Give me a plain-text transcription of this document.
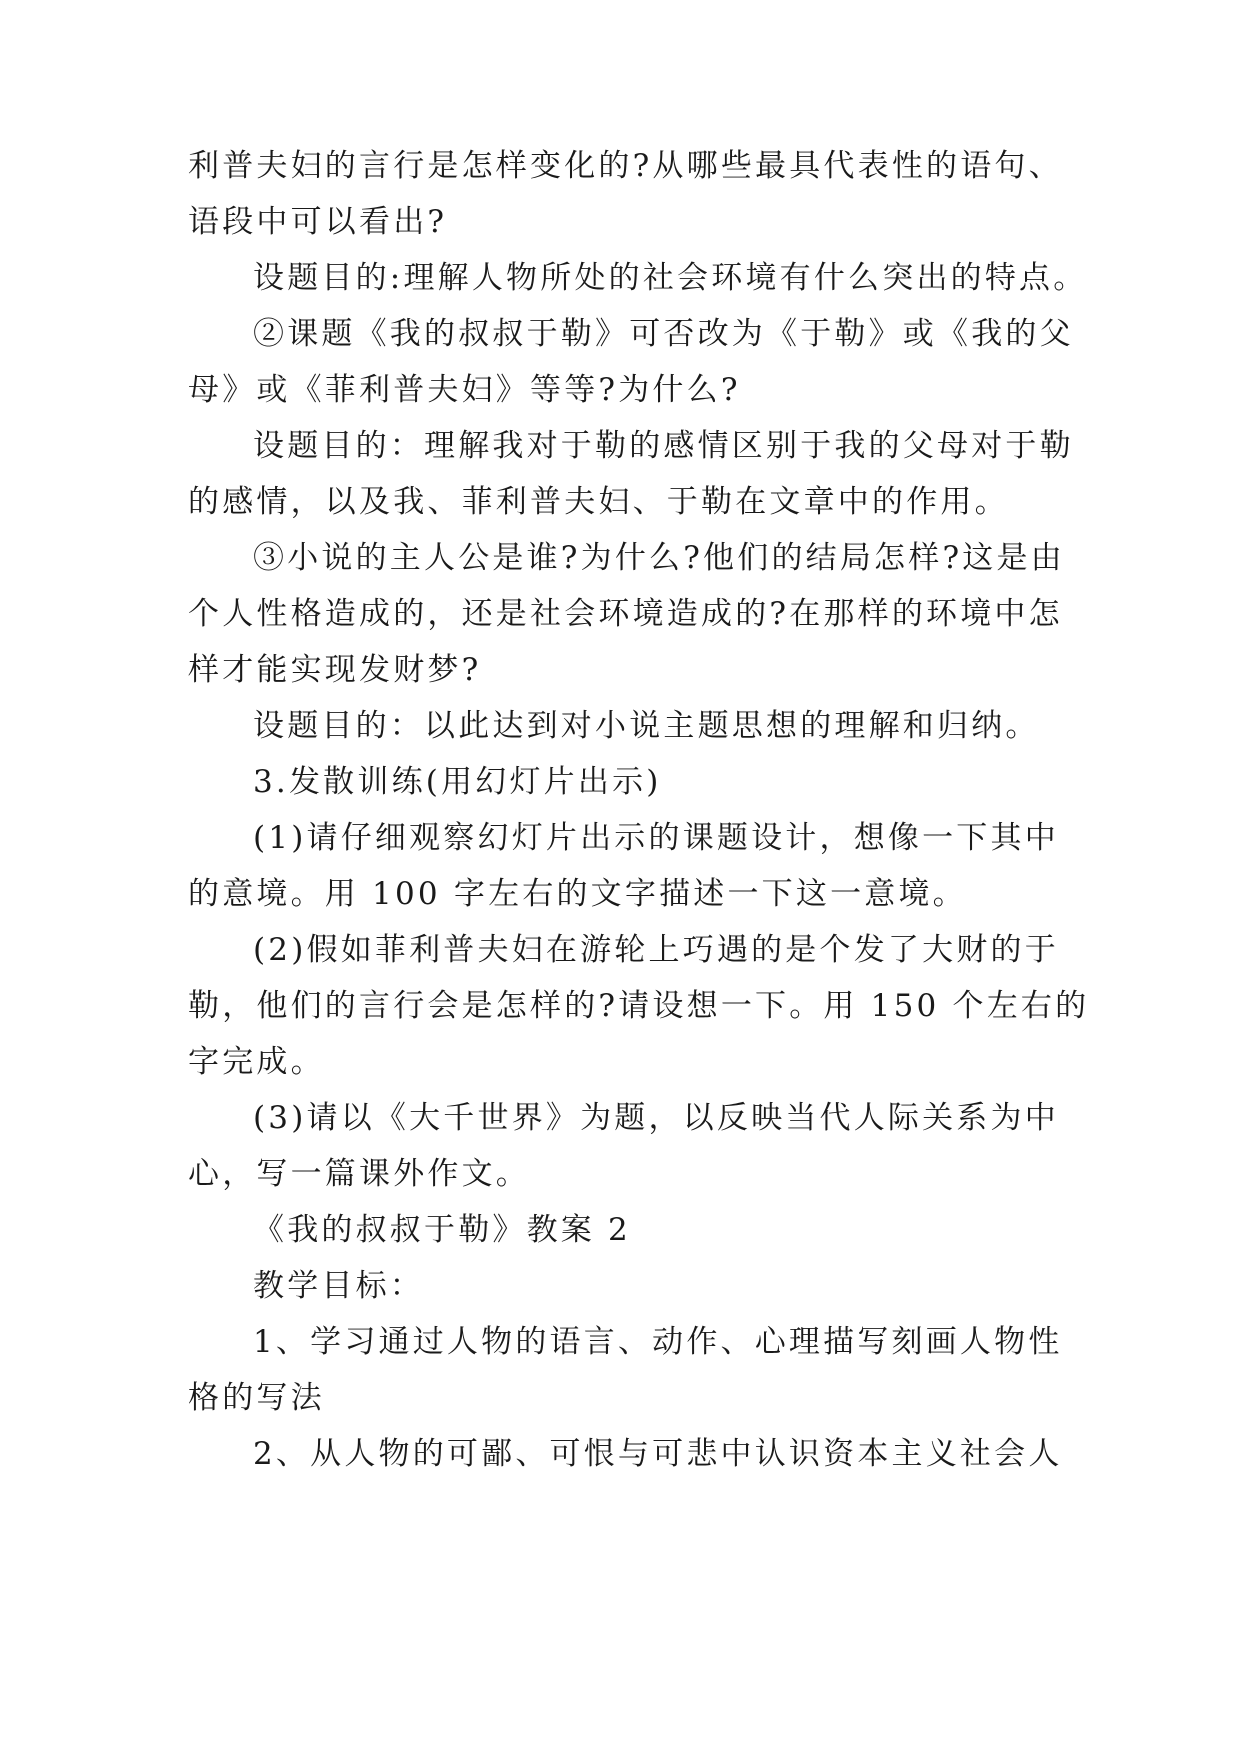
利普夫妇的言行是怎样变化的?从哪些最具代表性的语句、
语段中可以看出?
设题目的:理解人物所处的社会环境有什么突出的特点。
②课题《我的叔叔于勒》可否改为《于勒》或《我的父
母》或《菲利普夫妇》等等?为什么?
设题目的：理解我对于勒的感情区别于我的父母对于勒
的感情，以及我、菲利普夫妇、于勒在文章中的作用。
③小说的主人公是谁?为什么?他们的结局怎样?这是由
个人性格造成的，还是社会环境造成的?在那样的环境中怎
样才能实现发财梦?
设题目的：以此达到对小说主题思想的理解和归纳。
3.发散训练(用幻灯片出示)
(1)请仔细观察幻灯片出示的课题设计，想像一下其中
的意境。用 100 字左右的文字描述一下这一意境。
(2)假如菲利普夫妇在游轮上巧遇的是个发了大财的于
勒，他们的言行会是怎样的?请设想一下。用 150 个左右的
字完成。
(3)请以《大千世界》为题，以反映当代人际关系为中
心，写一篇课外作文。
《我的叔叔于勒》教案 2
教学目标：
1、学习通过人物的语言、动作、心理描写刻画人物性
格的写法
2、从人物的可鄙、可恨与可悲中认识资本主义社会人
